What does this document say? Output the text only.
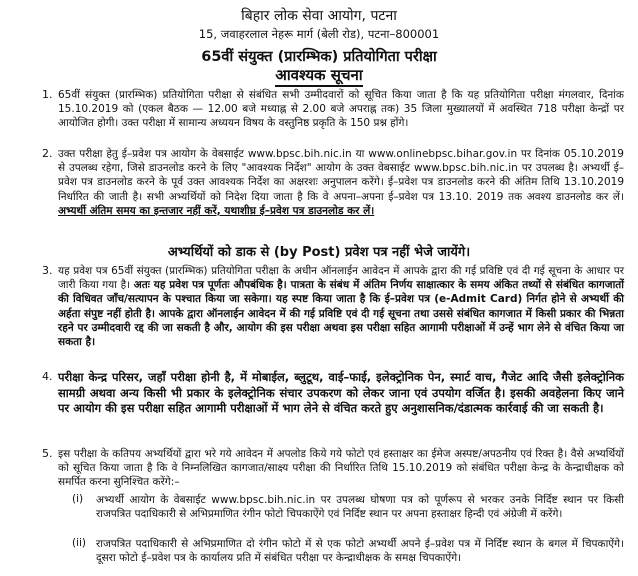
बिहार लोक सेवा आयोग, पटना
15, जवाहरलाल नेहरू मार्ग (बेली रोड), पटना–800001
65वीं संयुक्त (प्रारम्भिक) प्रतियोगिता परीक्षा
आवश्यक सूचना
1. 65वीं संयुक्त (प्रारम्भिक) प्रतियोगिता परीक्षा से संबंधित सभी उम्मीदवारों को सूचित किया जाता है कि यह प्रतियोगिता परीक्षा मंगलवार, दिनांक 15.10.2019 को (एकल बैठक — 12.00 बजे मध्याह्न से 2.00 बजे अपराह्न तक) 35 जिला मुख्यालयों में अवस्थित 718 परीक्षा केन्द्रों पर आयोजित होगी। उक्त परीक्षा में सामान्य अध्ययन विषय के वस्तुनिष्ठ प्रकृति के 150 प्रश्न होंगे।

2. उक्त परीक्षा हेतु ई–प्रवेश पत्र आयोग के वेबसाईट www.bpsc.bih.nic.in या www.onlinebpsc.bihar.gov.in पर दिनांक 05.10.2019 से उपलब्ध रहेगा, जिसे डाउनलोड करने के लिए "आवश्यक निर्देश" आयोग के उक्त वेबसाईट www.bpsc.bih.nic.in पर उपलब्ध है। अभ्यर्थी ई–प्रवेश पत्र डाउनलोड करने के पूर्व उक्त आवश्यक निर्देश का अक्षरशः अनुपालन करेंगे। ई–प्रवेश पत्र डाउनलोड करने की अंतिम तिथि 13.10.2019 निर्धारित की जाती है। सभी अभ्यर्थियों को निदेश दिया जाता है कि वे अपना–अपना ई–प्रवेश पत्र 13.10. 2019 तक अवश्य डाउनलोड कर लें। अभ्यर्थी अंतिम समय का इन्तजार नहीं करें, यथाशीघ्र ई–प्रवेश पत्र डाउनलोड कर लें।

अभ्यर्थियों को डाक से (by Post) प्रवेश पत्र नहीं भेजे जायेंगे।
3. यह प्रवेश पत्र 65वीं संयुक्त (प्रारम्भिक) प्रतियोगिता परीक्षा के अधीन ऑनलाईन आवेदन में आपके द्वारा की गई प्रविष्टि एवं दी गई सूचना के आधार पर जारी किया गया है। अतः यह प्रवेश पत्र पूर्णतः औपबंधिक है। पात्रता के संबंध में अंतिम निर्णय साक्षात्कार के समय अंकित तथ्यों से संबंधित कागजातों की विधिवत जाँच/सत्यापन के पश्चात किया जा सकेगा। यह स्पष्ट किया जाता है कि ई–प्रवेश पत्र (e-Admit Card) निर्गत होने से अभ्यर्थी की अर्हता संपुष्ट नहीं होती है। आपके द्वारा ऑनलाईन आवेदन में की गई प्रविष्टि एवं दी गई सूचना तथा उससे संबंधित कागजात में किसी प्रकार की भिन्नता रहने पर उम्मीदवारी रद्द की जा सकती है और, आयोग की इस परीक्षा अथवा इस परीक्षा सहित आगामी परीक्षाओं में उन्हें भाग लेने से वंचित किया जा सकता है।

4. परीक्षा केन्द्र परिसर, जहाँ परीक्षा होनी है, में मोबाईल, ब्लुटूथ, वाई–फाई, इलेक्ट्रोनिक पेन, स्मार्ट वाच, गैजेट आदि जैसी इलेक्ट्रोनिक सामग्री अथवा अन्य किसी भी प्रकार के इलेक्ट्रोनिक संचार उपकरण को लेकर जाना एवं उपयोग वर्जित है। इसकी अवहेलना किए जाने पर आयोग की इस परीक्षा सहित आगामी परीक्षाओं में भाग लेने से वंचित करते हुए अनुशासनिक/दंडात्मक कार्रवाई की जा सकती है।

5. इस परीक्षा के कतिपय अभ्यर्थियों द्वारा भरे गये आवेदन में अपलोड किये गये फोटो एवं हस्ताक्षर का ईमेज अस्पष्ट/अपठनीय एवं रिक्त है। वैसे अभ्यर्थियों को सूचित किया जाता है कि वे निम्नलिखित कागजात/साक्ष्य परीक्षा की निर्धारित तिथि 15.10.2019 को संबंधित परीक्षा केन्द्र के केन्द्राधीक्षक को समर्पित करना सुनिश्चित करेंगे:–

(i) अभ्यर्थी आयोग के वेबसाईट www.bpsc.bih.nic.in पर उपलब्ध घोषणा पत्र को पूर्णरूप से भरकर उनके निर्दिष्ट स्थान पर किसी राजपत्रित पदाधिकारी से अभिप्रमाणित रंगीन फोटो चिपकाऐंगे एवं निर्दिष्ट स्थान पर अपना हस्ताक्षर हिन्दी एवं अंग्रेजी में करेंगे।

(ii) राजपत्रित पदाधिकारी से अभिप्रमाणित दो रंगीन फोटो में से एक फोटो अभ्यर्थी अपने ई–प्रवेश पत्र में निर्दिष्ट स्थान के बगल में चिपकाऐंगे। दूसरा फोटो ई–प्रवेश पत्र के कार्यालय प्रति में संबंधित परीक्षा पर केन्द्राधीक्षक के समक्ष चिपकाऐंगे।
